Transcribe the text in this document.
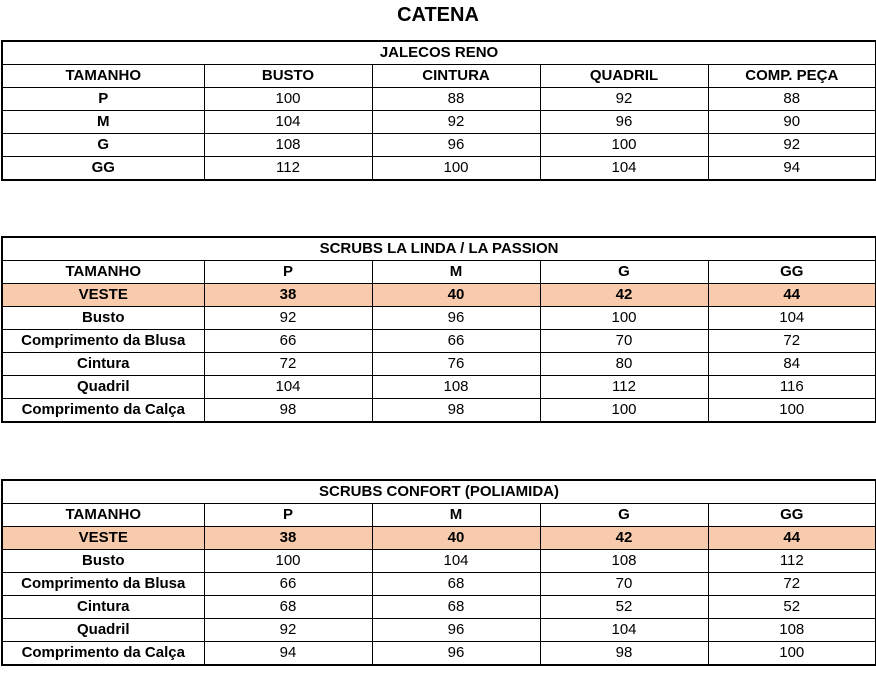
CATENA
JALECOS RENO				
TAMANHO	BUSTO	CINTURA	QUADRIL	COMP. PEÇA
P	100	88	92	88
M	104	92	96	90
G	108	96	100	92
GG	112	100	104	94
SCRUBS LA LINDA / LA PASSION				
TAMANHO	P	M	G	GG
VESTE	38	40	42	44
Busto	92	96	100	104
Comprimento da Blusa	66	66	70	72
Cintura	72	76	80	84
Quadril	104	108	112	116
Comprimento da Calça	98	98	100	100
SCRUBS CONFORT (POLIAMIDA)				
TAMANHO	P	M	G	GG
VESTE	38	40	42	44
Busto	100	104	108	112
Comprimento da Blusa	66	68	70	72
Cintura	68	68	52	52
Quadril	92	96	104	108
Comprimento da Calça	94	96	98	100
